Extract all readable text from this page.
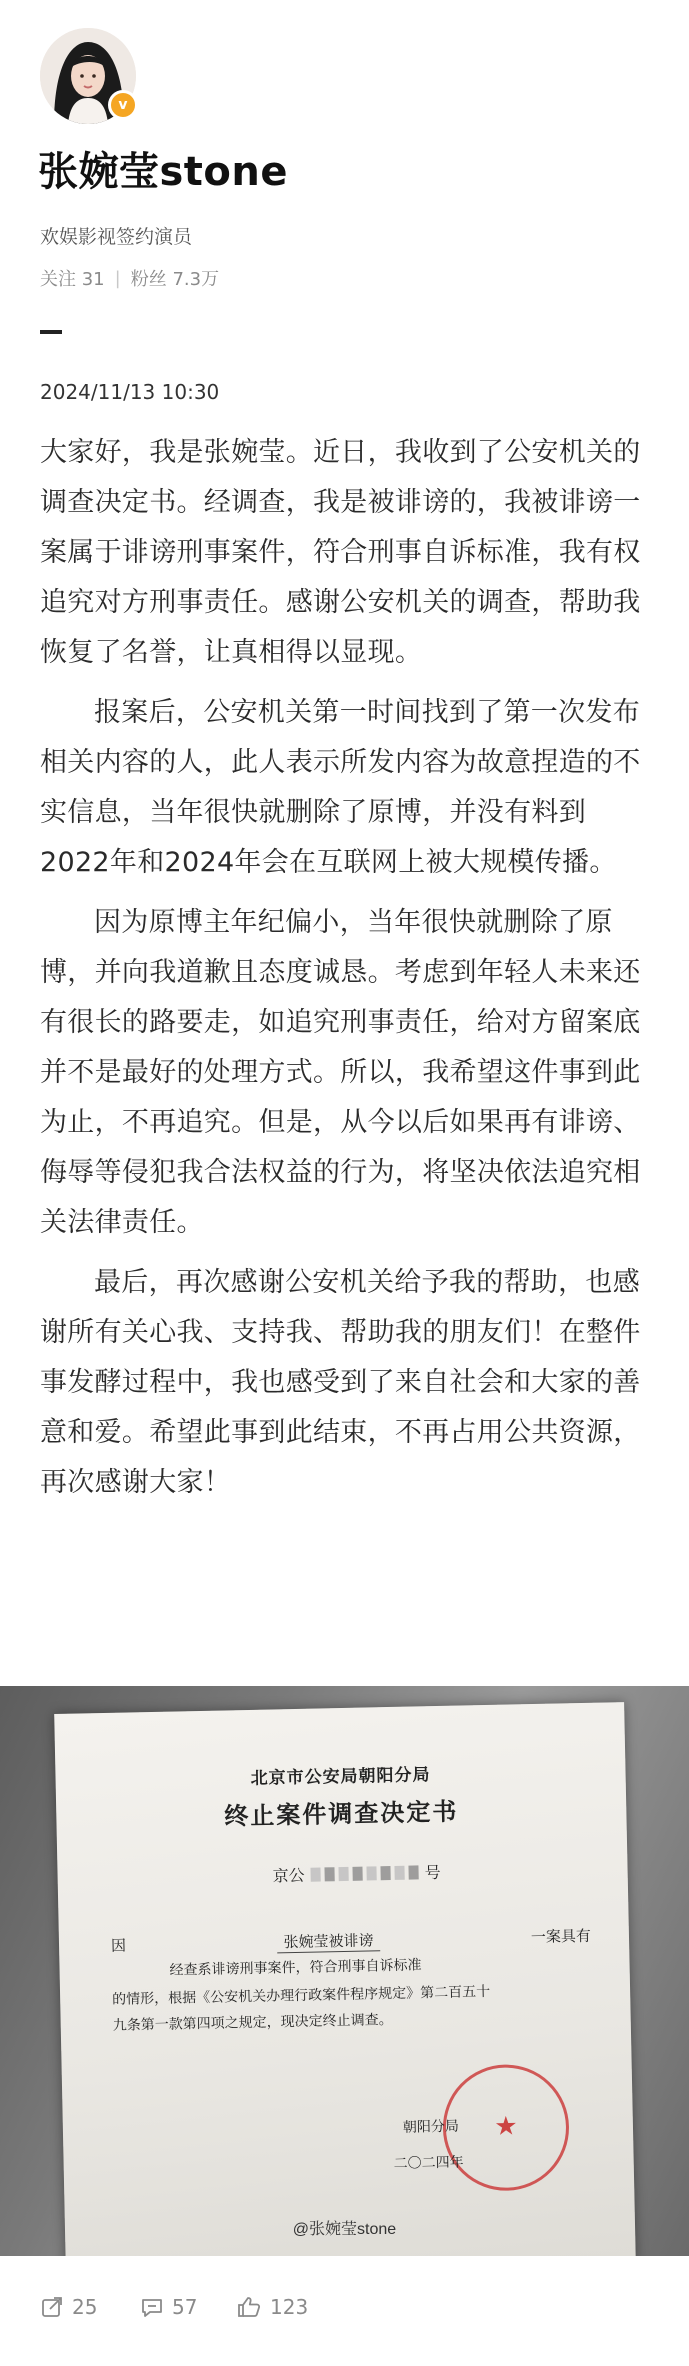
v
张婉莹stone
欢娱影视签约演员
关注 31 | 粉丝 7.3万
2024/11/13 10:30

大家好，我是张婉莹。近日，我收到了公安机关的调查决定书。经调查，我是被诽谤的，我被诽谤一案属于诽谤刑事案件，符合刑事自诉标准，我有权追究对方刑事责任。感谢公安机关的调查，帮助我恢复了名誉，让真相得以显现。

报案后，公安机关第一时间找到了第一次发布相关内容的人，此人表示所发内容为故意捏造的不实信息，当年很快就删除了原博，并没有料到2022年和2024年会在互联网上被大规模传播。

因为原博主年纪偏小，当年很快就删除了原博，并向我道歉且态度诚恳。考虑到年轻人未来还有很长的路要走，如追究刑事责任，给对方留案底并不是最好的处理方式。所以，我希望这件事到此为止，不再追究。但是，从今以后如果再有诽谤、侮辱等侵犯我合法权益的行为，将坚决依法追究相关法律责任。

最后，再次感谢公安机关给予我的帮助，也感谢所有关心我、支持我、帮助我的朋友们！在整件事发酵过程中，我也感受到了来自社会和大家的善意和爱。希望此事到此结束，不再占用公共资源，再次感谢大家！

北京市公安局朝阳分局
终止案件调查决定书
京公	号
因	张婉莹被诽谤	一案具有
经查系诽谤刑事案件，符合刑事自诉标准
的情形，根据《公安机关办理行政案件程序规定》第二百五十
九条第一款第四项之规定，现决定终止调查。
★
朝阳分局
二〇二四年
@张婉莹stone
25	57	123
